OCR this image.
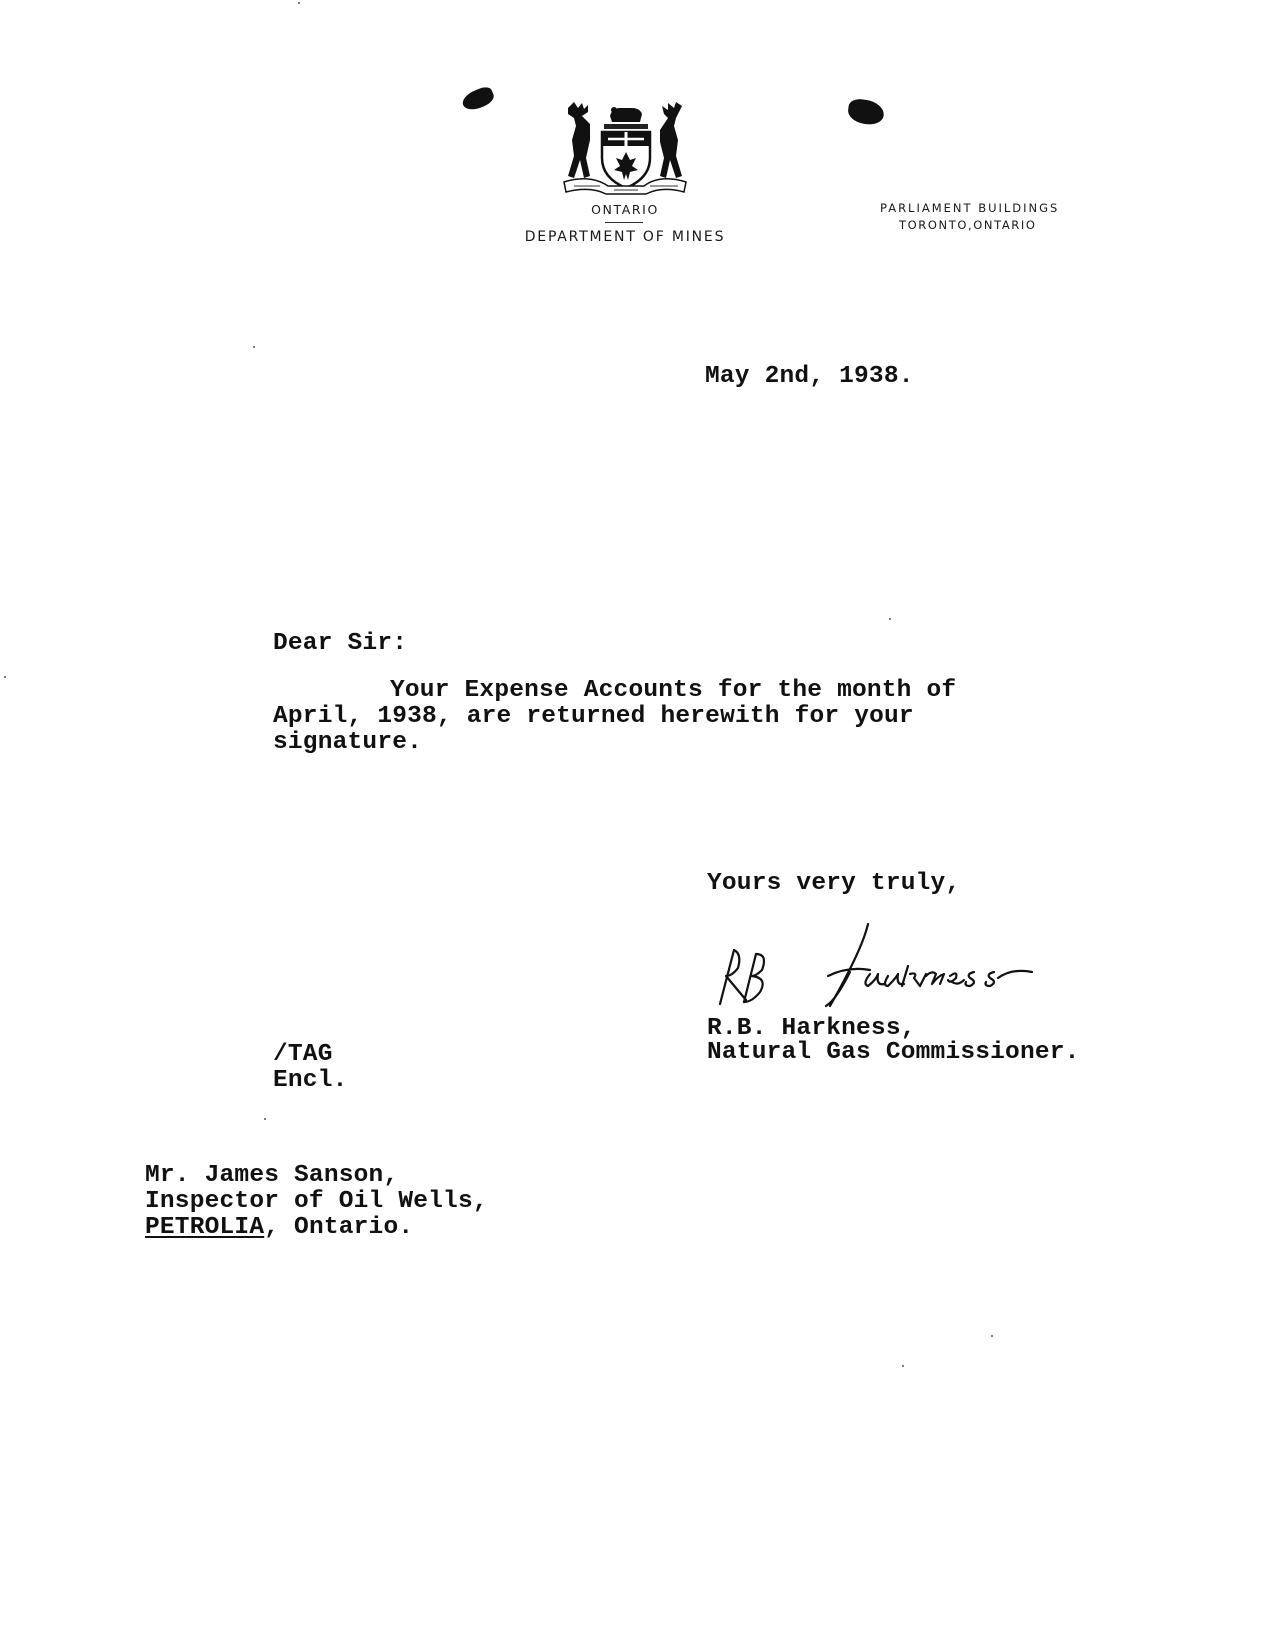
ONTARIO
DEPARTMENT OF MINES
PARLIAMENT BUILDINGS
TORONTO,ONTARIO
May 2nd, 1938.
Dear Sir:
Your Expense Accounts for the month of
April, 1938, are returned herewith for your
signature.
Yours very truly,
R.B. Harkness,
Natural Gas Commissioner.
/TAG
Encl.
Mr. James Sanson,
Inspector of Oil Wells,
PETROLIA, Ontario.
